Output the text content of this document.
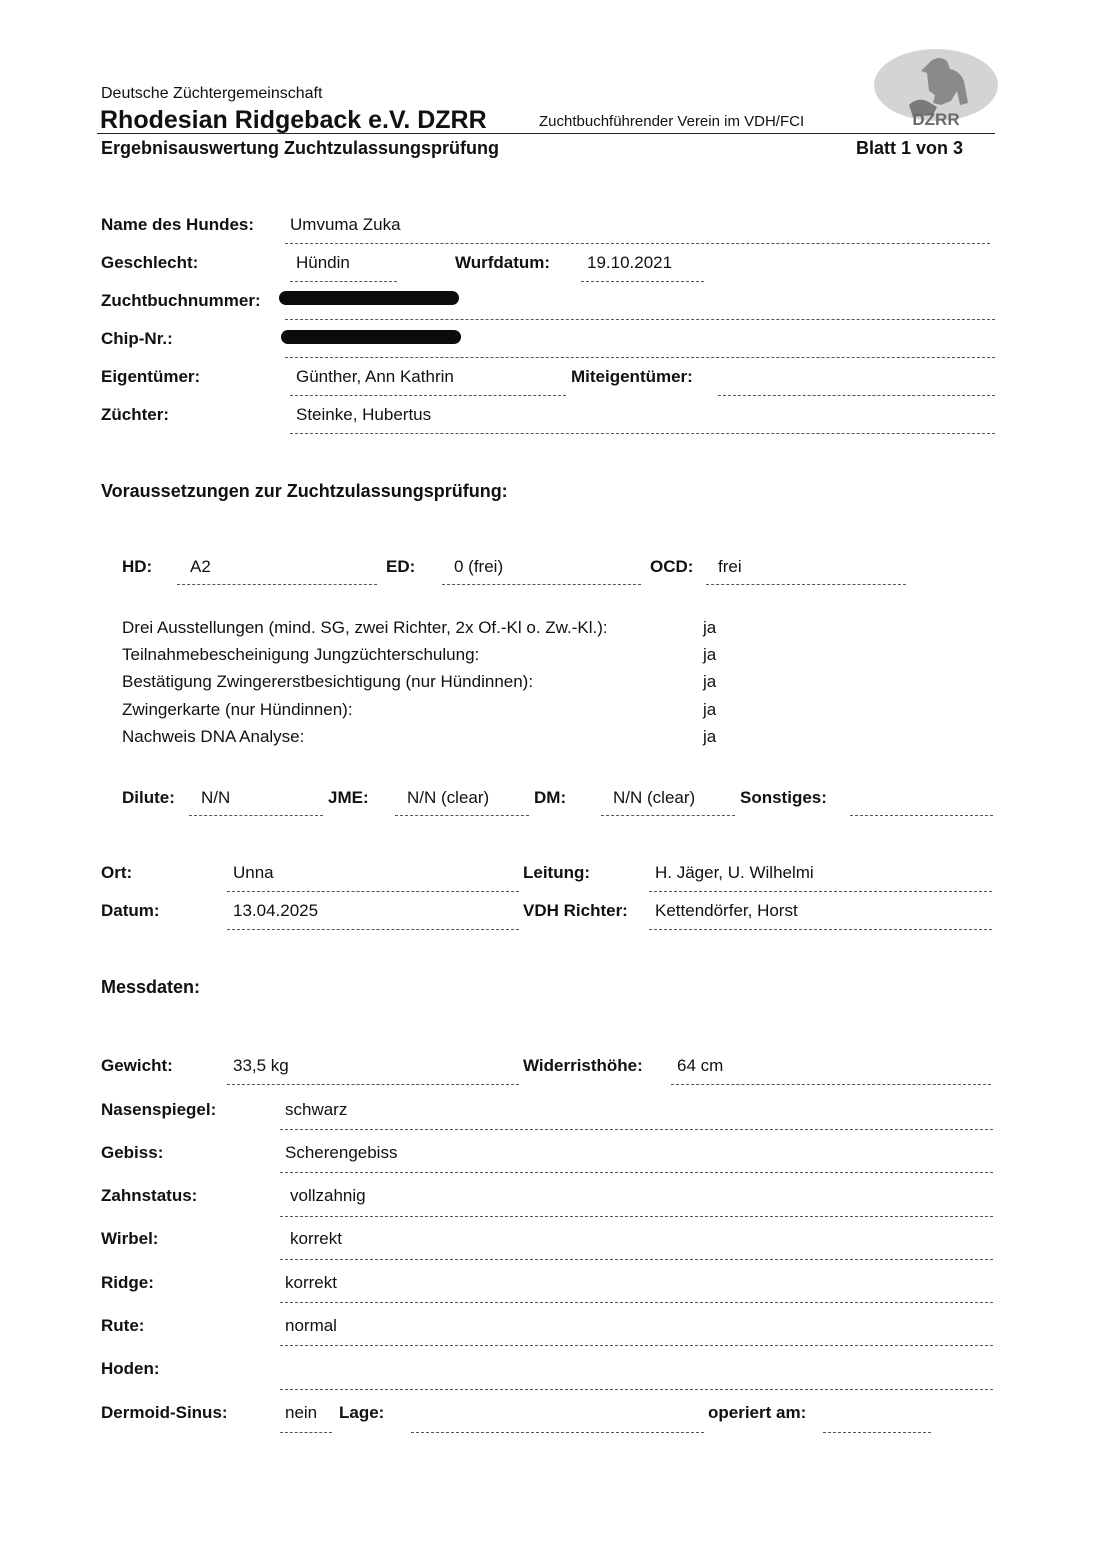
Deutsche Züchtergemeinschaft
Rhodesian Ridgeback e.V. DZRR	Zuchtbuchführender Verein im VDH/FCI	DZRR
Ergebnisauswertung Zuchtzulassungsprüfung	Blatt 1 von 3
Name des Hundes: Umvuma Zuka
Geschlecht:	Hündin	Wurfdatum: 19.10.2021
Zuchtbuchnummer:
Chip-Nr.:
Eigentümer:	Günther, Ann Kathrin	Miteigentümer:
Züchter:	Steinke, Hubertus
Voraussetzungen zur Zuchtzulassungsprüfung:
HD: A2	ED: 0 (frei)	OCD: frei
Drei Ausstellungen (mind. SG, zwei Richter, 2x Of.-Kl o. Zw.-Kl.):	ja
Teilnahmebescheinigung Jungzüchterschulung:	ja
Bestätigung Zwingererstbesichtigung (nur Hündinnen):	ja
Zwingerkarte (nur Hündinnen):	ja
Nachweis DNA Analyse:	ja
Dilute: N/N	JME: N/N (clear)	DM:	N/N (clear)	Sonstiges:
Ort:	Unna	Leitung:	H. Jäger, U. Wilhelmi
Datum:	13.04.2025	VDH Richter: Kettendörfer, Horst
Messdaten:
Gewicht:	33,5 kg	Widerristhöhe: 64 cm
Nasenspiegel:	schwarz
Gebiss:	Scherengebiss
Zahnstatus:	vollzahnig
Wirbel:	korrekt
Ridge:	korrekt
Rute:	normal
Hoden:
Dermoid-Sinus:	nein Lage:	operiert am:
